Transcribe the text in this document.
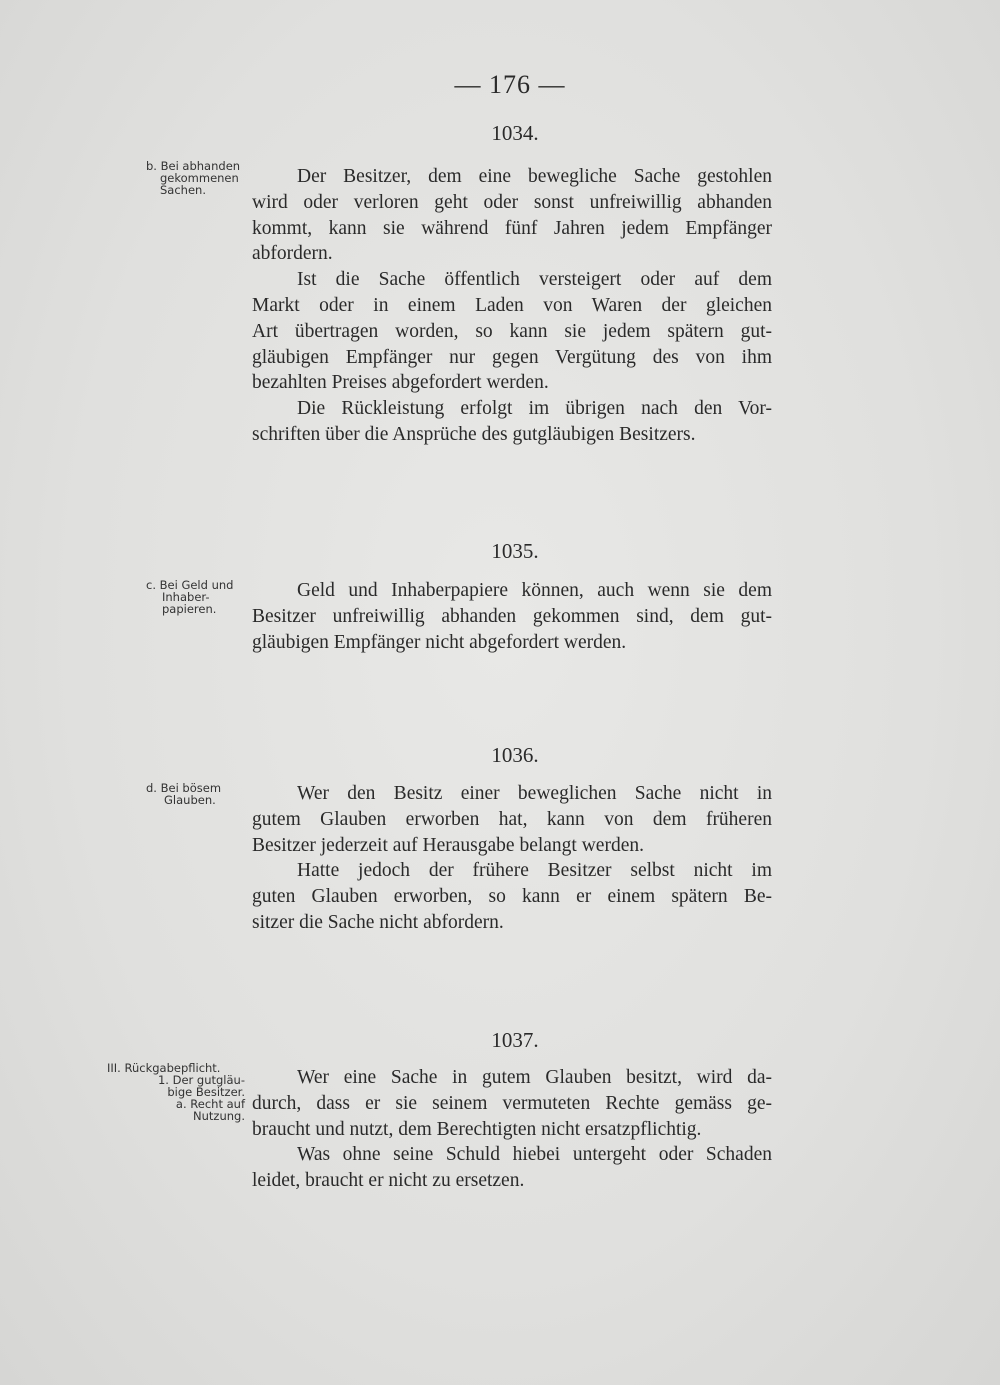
— 176 —
1034.
b. Bei abhanden
gekommenen
Sachen.
Der Besitzer, dem eine bewegliche Sache gestohlen
wird oder verloren geht oder sonst unfreiwillig abhanden
kommt, kann sie während fünf Jahren jedem Empfänger
abfordern.
Ist die Sache öffentlich versteigert oder auf dem
Markt oder in einem Laden von Waren der gleichen
Art übertragen worden, so kann sie jedem spätern gut-
gläubigen Empfänger nur gegen Vergütung des von ihm
bezahlten Preises abgefordert werden.
Die Rückleistung erfolgt im übrigen nach den Vor-
schriften über die Ansprüche des gutgläubigen Besitzers.
1035.
c. Bei Geld und
Inhaber-
papieren.
Geld und Inhaberpapiere können, auch wenn sie dem
Besitzer unfreiwillig abhanden gekommen sind, dem gut-
gläubigen Empfänger nicht abgefordert werden.
1036.
d. Bei bösem
Glauben.	Wer den Besitz einer beweglichen Sache nicht in
gutem Glauben erworben hat, kann von dem früheren
Besitzer jederzeit auf Herausgabe belangt werden.
Hatte jedoch der frühere Besitzer selbst nicht im
guten Glauben erworben, so kann er einem spätern Be-
sitzer die Sache nicht abfordern.
1037.
III. Rückgabepflicht.
1. Der gutgläu-
bige Besitzer.
a. Recht auf
Nutzung.
Wer eine Sache in gutem Glauben besitzt, wird da-
durch, dass er sie seinem vermuteten Rechte gemäss ge-
braucht und nutzt, dem Berechtigten nicht ersatzpflichtig.
Was ohne seine Schuld hiebei untergeht oder Schaden
leidet, braucht er nicht zu ersetzen.
